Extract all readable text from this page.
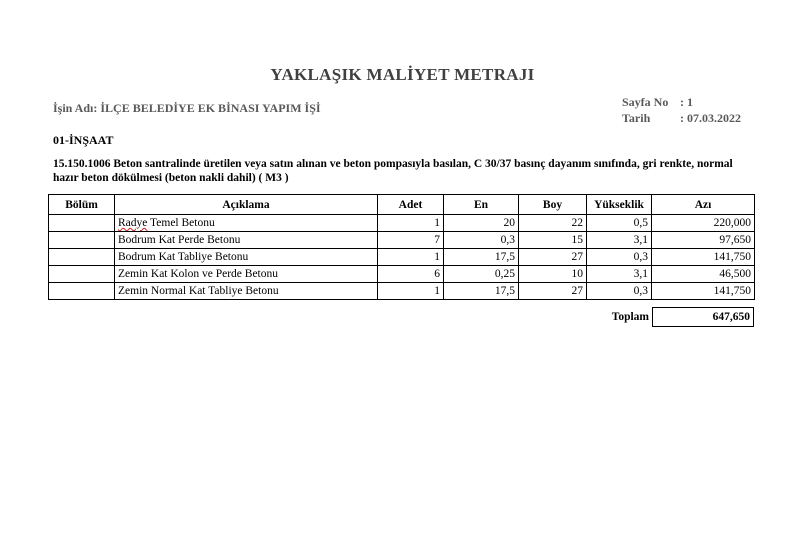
YAKLAŞIK MALİYET METRAJI
İşin Adı: İLÇE BELEDİYE EK BİNASI YAPIM İŞİ	Sayfa No : 1
Tarih : 07.03.2022
01-İNŞAAT
15.150.1006 Beton santralinde üretilen veya satın alınan ve beton pompasıyla basılan, C 30/37 basınç dayanım sınıfında, gri renkte, normal hazır beton dökülmesi (beton nakli dahil) ( M3 )
Bölüm	Açıklama	Adet	En	Boy	Yükseklik	Azı
	Radye Temel Betonu	1	20	22	0,5	220,000
	Bodrum Kat Perde Betonu	7	0,3	15	3,1	97,650
	Bodrum Kat Tabliye Betonu	1	17,5	27	0,3	141,750
	Zemin Kat Kolon ve Perde Betonu	6	0,25	10	3,1	46,500
	Zemin Normal Kat Tabliye Betonu	1	17,5	27	0,3	141,750
Toplam	647,650
